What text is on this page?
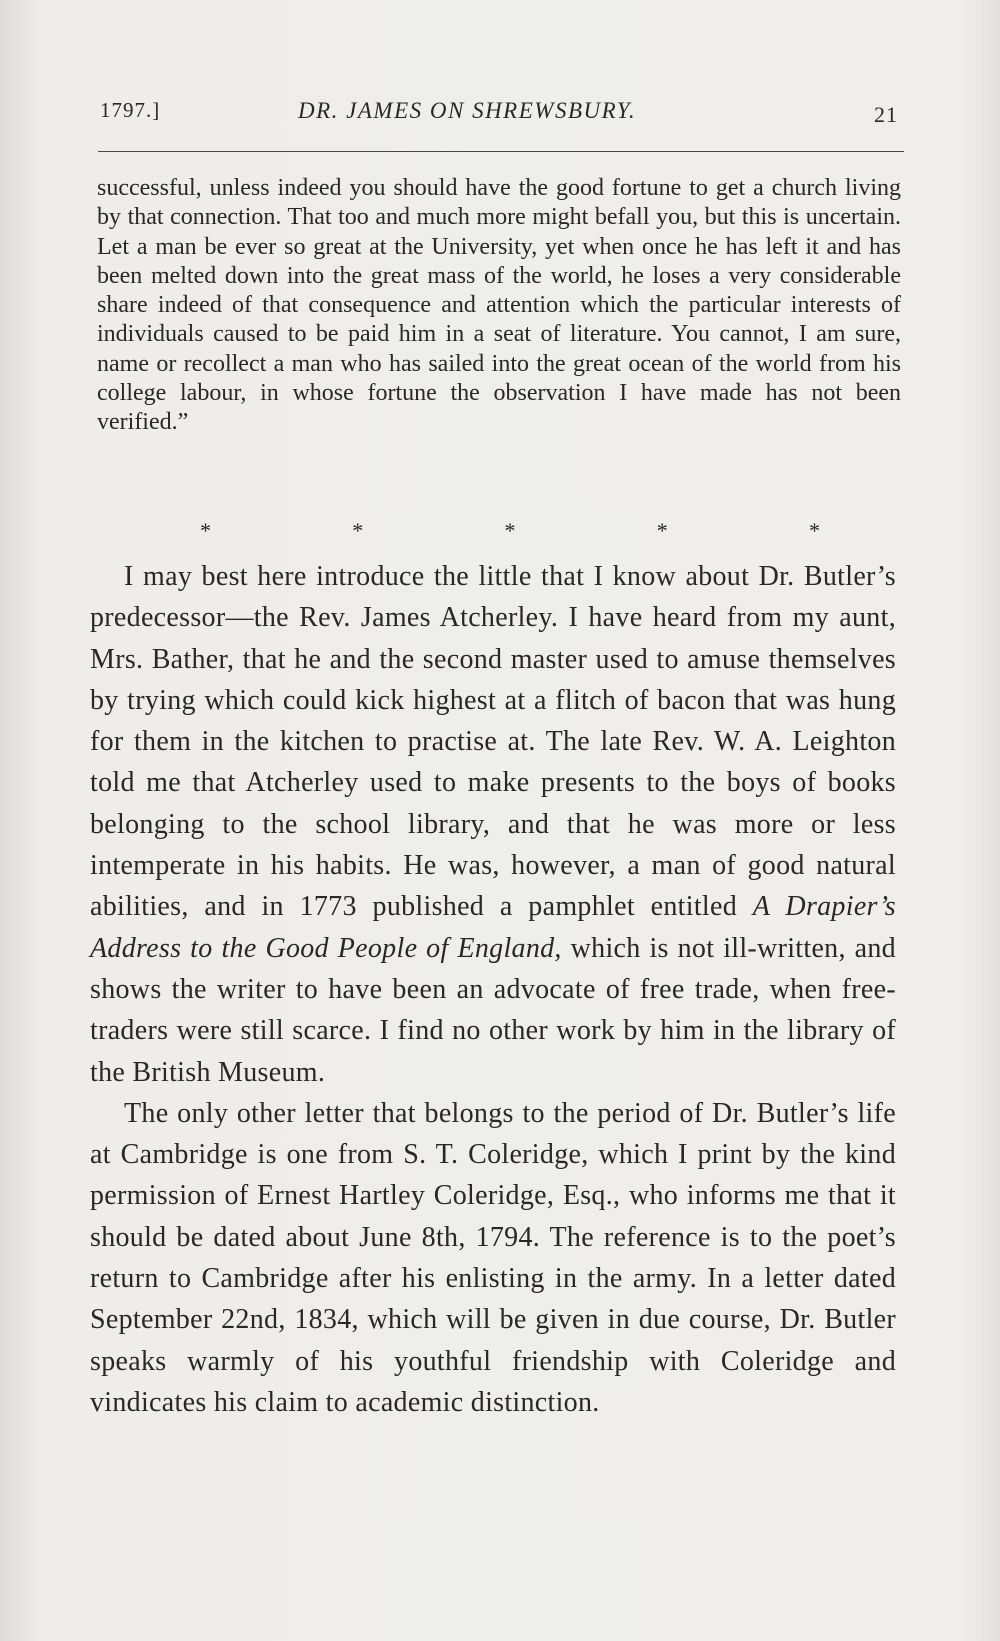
1797.]	DR. JAMES ON SHREWSBURY.	21

successful, unless indeed you should have the good fortune to get a church living by that connection. That too and much more might befall you, but this is uncertain. Let a man be ever so great at the University, yet when once he has left it and has been melted down into the great mass of the world, he loses a very considerable share indeed of that consequence and attention which the particular interests of individuals caused to be paid him in a seat of literature. You cannot, I am sure, name or recollect a man who has sailed into the great ocean of the world from his college labour, in whose fortune the observation I have made has not been verified.”

*	*	*	*	*

I may best here introduce the little that I know about Dr. Butler’s predecessor—the Rev. James Atcherley. I have heard from my aunt, Mrs. Bather, that he and the second master used to amuse themselves by trying which could kick highest at a flitch of bacon that was hung for them in the kitchen to practise at. The late Rev. W. A. Leighton told me that Atcherley used to make presents to the boys of books belonging to the school library, and that he was more or less intemperate in his habits. He was, however, a man of good natural abilities, and in 1773 published a pamphlet entitled A Drapier’s Address to the Good People of England, which is not ill-written, and shows the writer to have been an advocate of free trade, when free-traders were still scarce. I find no other work by him in the library of the British Museum.

The only other letter that belongs to the period of Dr. Butler’s life at Cambridge is one from S. T. Coleridge, which I print by the kind permission of Ernest Hartley Coleridge, Esq., who informs me that it should be dated about June 8th, 1794. The reference is to the poet’s return to Cambridge after his enlisting in the army. In a letter dated September 22nd, 1834, which will be given in due course, Dr. Butler speaks warmly of his youthful friendship with Coleridge and vindicates his claim to academic distinction.
